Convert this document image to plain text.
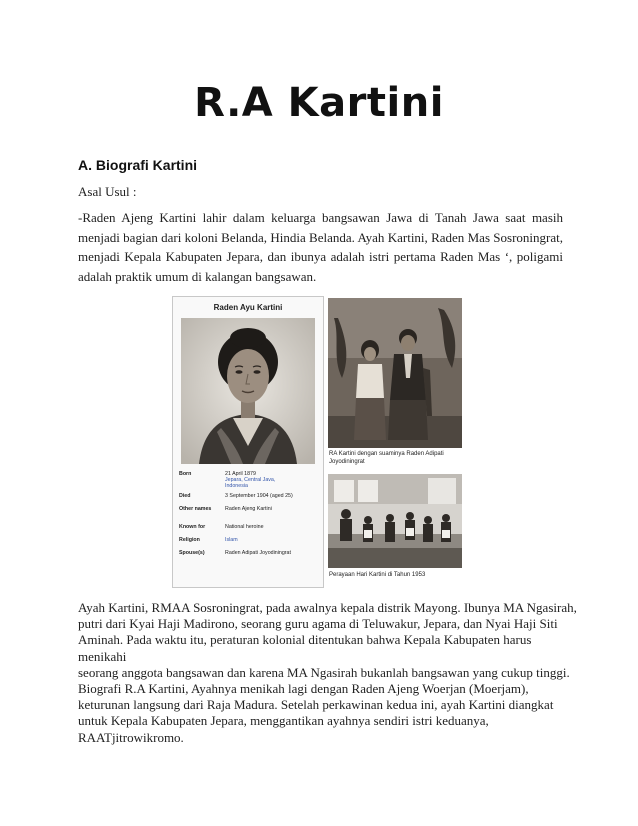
R.A Kartini

A. Biografi Kartini

Asal Usul :

-Raden Ajeng Kartini lahir dalam keluarga bangsawan Jawa di Tanah Jawa saat masih menjadi bagian dari koloni Belanda, Hindia Belanda. Ayah Kartini, Raden Mas Sosroningrat, menjadi Kepala Kabupaten Jepara, dan ibunya adalah istri pertama Raden Mas ‘, poligami adalah praktik umum di kalangan bangsawan.

Raden Ayu Kartini
Born	21 April 1879
Jepara, Central Java,
Indonesia
Died	3 September 1904 (aged 25)
Other names	Raden Ajeng Kartini
Known for	National heroine
Religion	Islam
Spouse(s)	Raden Adipati Joyodiningrat
RA Kartini dengan suaminya Raden Adipati Joyodiningrat
Perayaan Hari Kartini di Tahun 1953
Ayah Kartini, RMAA Sosroningrat, pada awalnya kepala distrik Mayong. Ibunya MA Ngasirah,
putri dari Kyai Haji Madirono, seorang guru agama di Teluwakur, Jepara, dan Nyai Haji Siti
Aminah. Pada waktu itu, peraturan kolonial ditentukan bahwa Kepala Kabupaten harus menikahi
seorang anggota bangsawan dan karena MA Ngasirah bukanlah bangsawan yang cukup tinggi.
Biografi R.A Kartini, Ayahnya menikah lagi dengan Raden Ajeng Woerjan (Moerjam),
keturunan langsung dari Raja Madura. Setelah perkawinan kedua ini, ayah Kartini diangkat
untuk Kepala Kabupaten Jepara, menggantikan ayahnya sendiri istri keduanya,
RAATjitrowikromo.
